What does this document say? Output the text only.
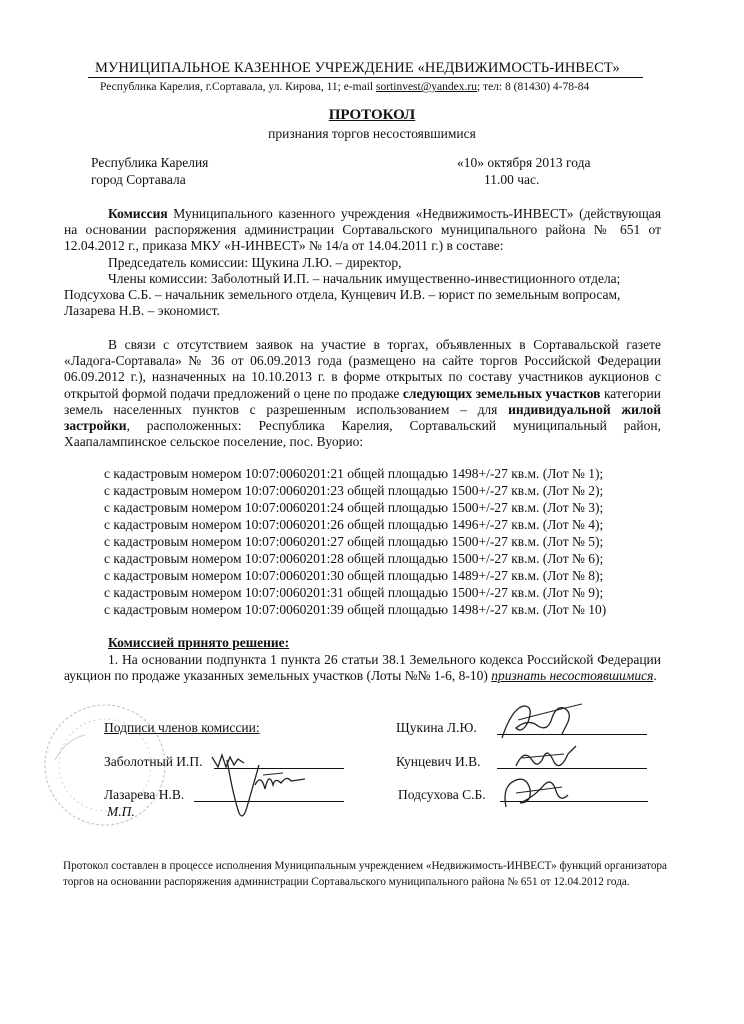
МУНИЦИПАЛЬНОЕ КАЗЕННОЕ УЧРЕЖДЕНИЕ «НЕДВИЖИМОСТЬ-ИНВЕСТ»
Республика Карелия, г.Сортавала, ул. Кирова, 11; e-mail sortinvest@yandex.ru; тел: 8 (81430) 4-78-84
ПРОТОКОЛ
признания торгов несостоявшимися
Республика Карелия
город Сортавала
«10» октября 2013 года
11.00 час.
Комиссия Муниципального казенного учреждения «Недвижимость-ИНВЕСТ» (действующая на основании распоряжения администрации Сортавальского муниципального района № 651 от 12.04.2012 г., приказа МКУ «Н-ИНВЕСТ» № 14/а от 14.04.2011 г.) в составе:
Председатель комиссии: Щукина Л.Ю. – директор,
Члены комиссии: Заболотный И.П. – начальник имущественно-инвестиционного отдела;
Подсухова С.Б. – начальник земельного отдела, Кунцевич И.В. – юрист по земельным вопросам,
Лазарева Н.В. – экономист.
В связи с отсутствием заявок на участие в торгах, объявленных в Сортавальской газете «Ладога-Сортавала» № 36 от 06.09.2013 года (размещено на сайте торгов Российской Федерации 06.09.2012 г.), назначенных на 10.10.2013 г. в форме открытых по составу участников аукционов с открытой формой подачи предложений о цене по продаже следующих земельных участков категории земель населенных пунктов с разрешенным использованием – для индивидуальной жилой застройки, расположенных: Республика Карелия, Сортавальский муниципальный район, Хаапалампинское сельское поселение, пос. Вуорио:
с кадастровым номером 10:07:0060201:21 общей площадью 1498+/-27 кв.м. (Лот № 1);
с кадастровым номером 10:07:0060201:23 общей площадью 1500+/-27 кв.м. (Лот № 2);
с кадастровым номером 10:07:0060201:24 общей площадью 1500+/-27 кв.м. (Лот № 3);
с кадастровым номером 10:07:0060201:26 общей площадью 1496+/-27 кв.м. (Лот № 4);
с кадастровым номером 10:07:0060201:27 общей площадью 1500+/-27 кв.м. (Лот № 5);
с кадастровым номером 10:07:0060201:28 общей площадью 1500+/-27 кв.м. (Лот № 6);
с кадастровым номером 10:07:0060201:30 общей площадью 1489+/-27 кв.м. (Лот № 8);
с кадастровым номером 10:07:0060201:31 общей площадью 1500+/-27 кв.м. (Лот № 9);
с кадастровым номером 10:07:0060201:39 общей площадью 1498+/-27 кв.м. (Лот № 10)
Комиссией принято решение:
1. На основании подпункта 1 пункта 26 статьи 38.1 Земельного кодекса Российской Федерации аукцион по продаже указанных земельных участков (Лоты №№ 1-6, 8-10) признать несостоявшимися.
Подписи членов комиссии:
Заболотный И.П.
Лазарева Н.В.
М.П.
Щукина Л.Ю.
Кунцевич И.В.
Подсухова С.Б.
Протокол составлен в процессе исполнения Муниципальным учреждением «Недвижимость-ИНВЕСТ» функций организатора торгов на основании распоряжения администрации Сортавальского муниципального района № 651 от 12.04.2012 года.
